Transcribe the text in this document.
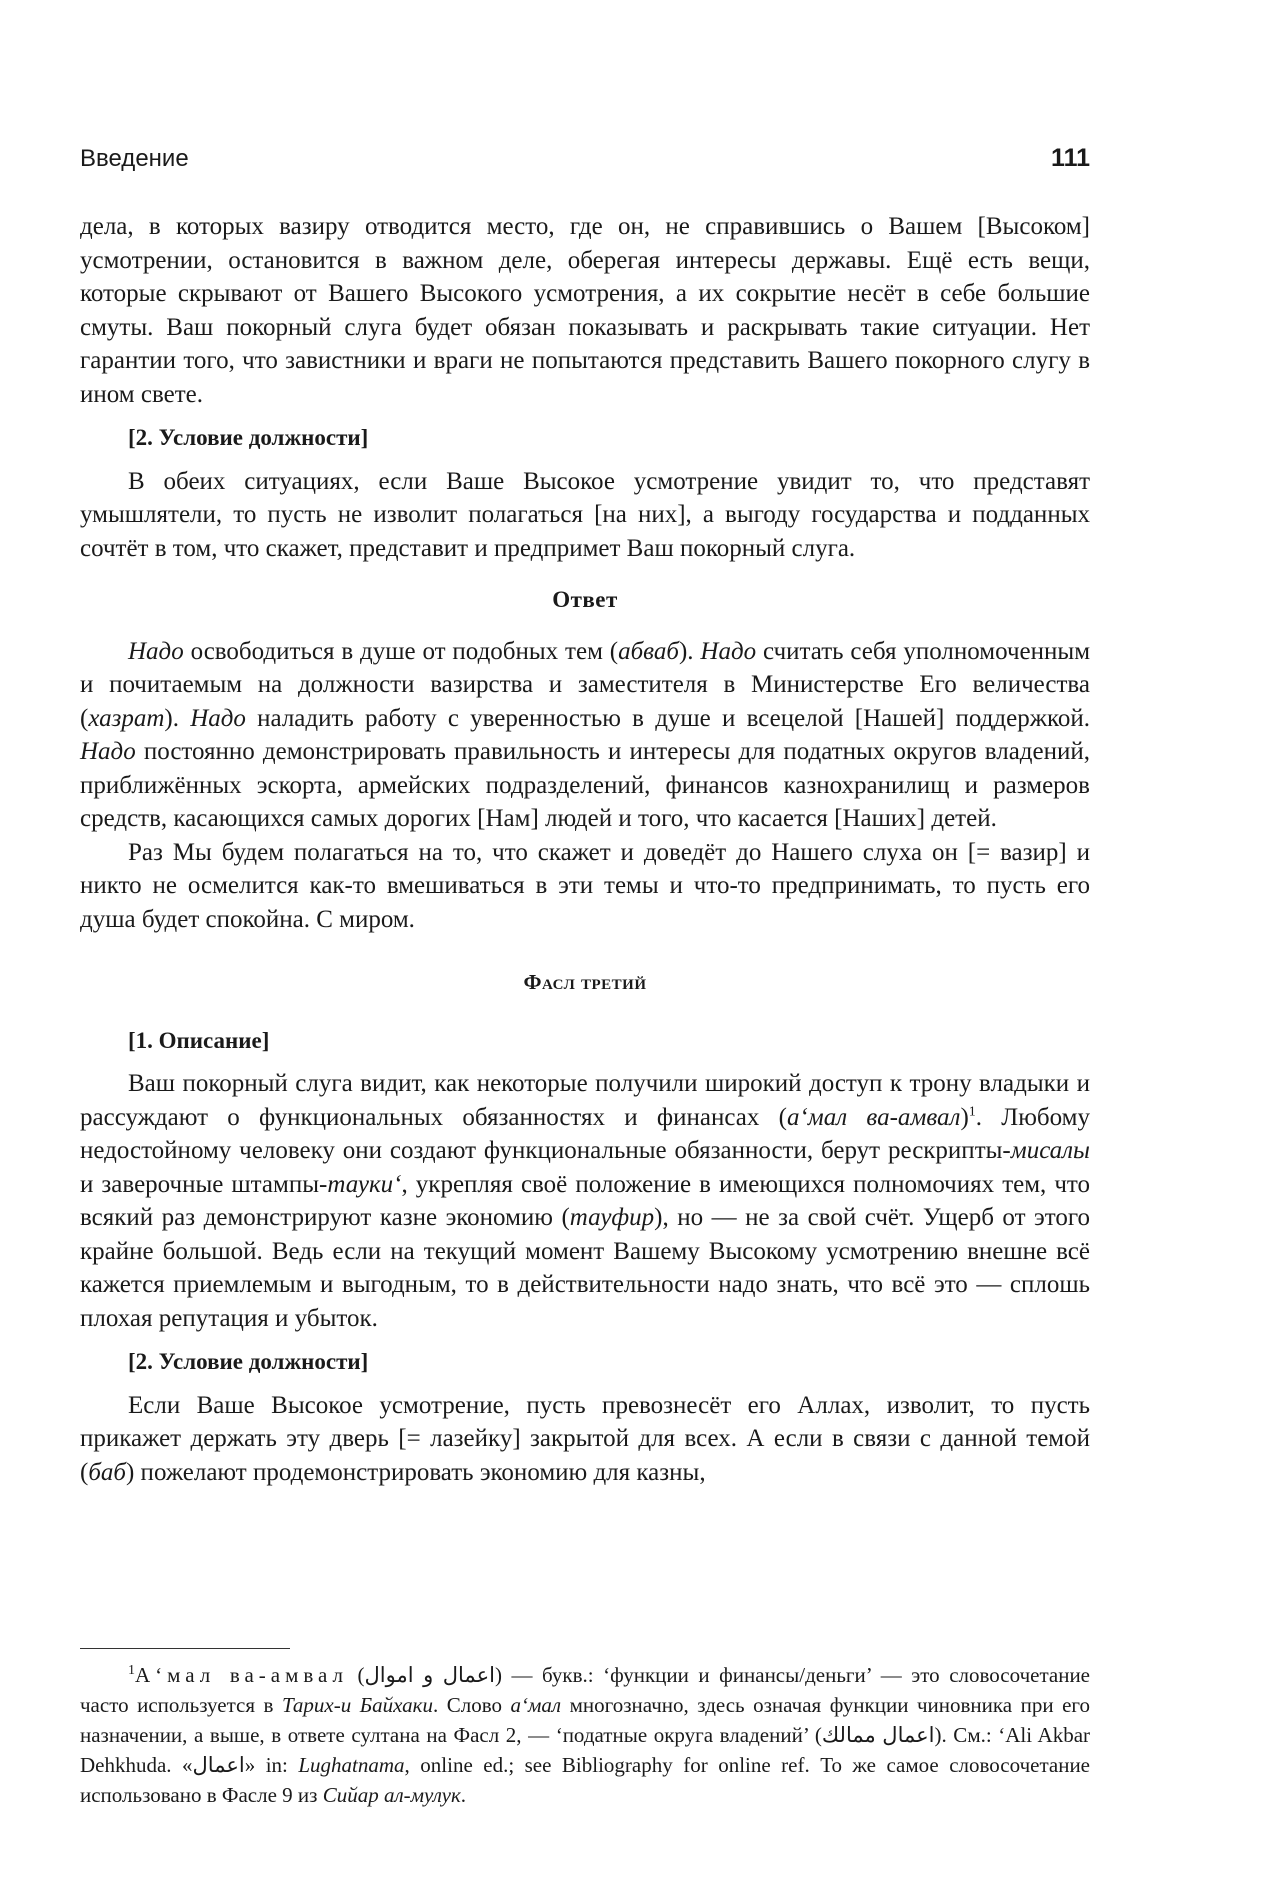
Введение	111

дела, в которых вазиру отводится место, где он, не справившись о Вашем [Высоком] усмотрении, остановится в важном деле, оберегая интересы державы. Ещё есть вещи, которые скрывают от Вашего Высокого усмотрения, а их сокрытие несёт в себе большие смуты. Ваш покорный слуга будет обязан показывать и раскрывать такие ситуации. Нет гарантии того, что завистники и враги не попытаются представить Вашего покорного слугу в ином свете.

[2. Условие должности]

В обеих ситуациях, если Ваше Высокое усмотрение увидит то, что представят умышлятели, то пусть не изволит полагаться [на них], а выгоду государства и подданных сочтёт в том, что скажет, представит и предпримет Ваш покорный слуга.

Ответ

Надо освободиться в душе от подобных тем (абваб). Надо считать себя уполномоченным и почитаемым на должности вазирства и заместителя в Министерстве Его величества (хазрат). Надо наладить работу с уверенностью в душе и всецелой [Нашей] поддержкой. Надо постоянно демонстрировать правильность и интересы для податных округов владений, приближённых эскорта, армейских подразделений, финансов казнохранилищ и размеров средств, касающихся самых дорогих [Нам] людей и того, что касается [Наших] детей.

Раз Мы будем полагаться на то, что скажет и доведёт до Нашего слуха он [= вазир] и никто не осмелится как-то вмешиваться в эти темы и что-то предпринимать, то пусть его душа будет спокойна. С миром.

Фасл третий
[1. Описание]

Ваш покорный слуга видит, как некоторые получили широкий доступ к трону владыки и рассуждают о функциональных обязанностях и финансах (а‘мал ва-амвал)$^1$. Любому недостойному человеку они создают функциональные обязанности, берут рескрипты-мисалы и заверочные штампы-тауки‘, укрепляя своё положение в имеющихся полномочиях тем, что всякий раз демонстрируют казне экономию (тауфир), но — не за свой счёт. Ущерб от этого крайне большой. Ведь если на текущий момент Вашему Высокому усмотрению внешне всё кажется приемлемым и выгодным, то в действительности надо знать, что всё это — сплошь плохая репутация и убыток.

[2. Условие должности]

Если Ваше Высокое усмотрение, пусть превознесёт его Аллах, изволит, то пусть прикажет держать эту дверь [= лазейку] закрытой для всех. А если в связи с данной темой (баб) пожелают продемонстрировать экономию для казны,

$^1$А‘мал ва-амвал (اعمال و اموال) — букв.: ‘функции и финансы/деньги’ — это словосочетание часто используется в Тарих-и Байхаки. Слово а‘мал многозначно, здесь означая функции чиновника при его назначении, а выше, в ответе султана на Фасл 2, — ‘податные округа владений’ (اعمال ممالك). См.: ‘Ali Akbar Dehkhuda. «اعمال» in: Lughatnama, online ed.; see Bibliography for online ref. То же самое словосочетание использовано в Фасле 9 из Сийар ал-мулук.
